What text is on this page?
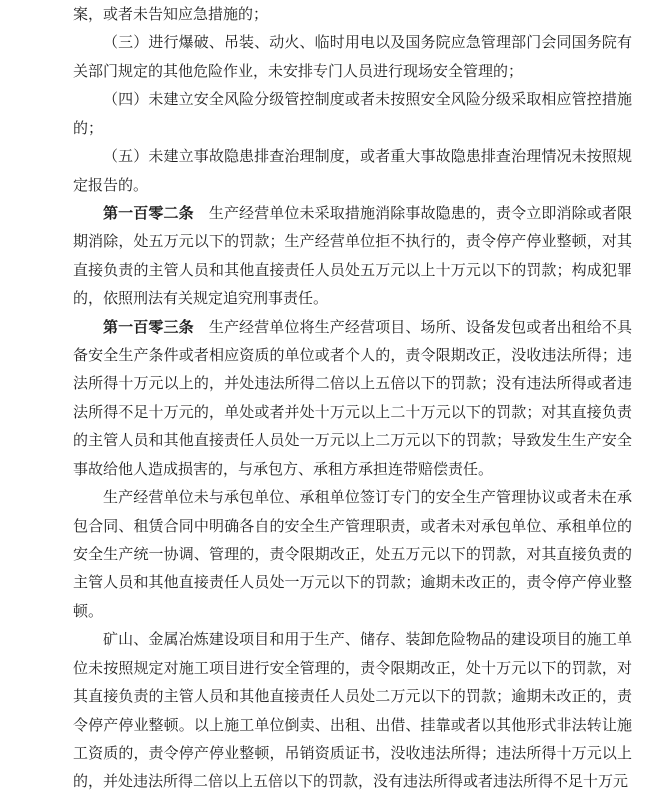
案，或者未告知应急措施的；

（三）进行爆破、吊装、动火、临时用电以及国务院应急管理部门会同国务院有关部门规定的其他危险作业，未安排专门人员进行现场安全管理的；

（四）未建立安全风险分级管控制度或者未按照安全风险分级采取相应管控措施的；

（五）未建立事故隐患排查治理制度，或者重大事故隐患排查治理情况未按照规定报告的。

第一百零二条　 生产经营单位未采取措施消除事故隐患的，责令立即消除或者限期消除，处五万元以下的罚款；生产经营单位拒不执行的，责令停产停业整顿，对其直接负责的主管人员和其他直接责任人员处五万元以上十万元以下的罚款；构成犯罪的，依照刑法有关规定追究刑事责任。

第一百零三条　 生产经营单位将生产经营项目、场所、设备发包或者出租给不具备安全生产条件或者相应资质的单位或者个人的，责令限期改正，没收违法所得；违法所得十万元以上的，并处违法所得二倍以上五倍以下的罚款；没有违法所得或者违法所得不足十万元的，单处或者并处十万元以上二十万元以下的罚款；对其直接负责的主管人员和其他直接责任人员处一万元以上二万元以下的罚款；导致发生生产安全事故给他人造成损害的，与承包方、承租方承担连带赔偿责任。

生产经营单位未与承包单位、承租单位签订专门的安全生产管理协议或者未在承包合同、租赁合同中明确各自的安全生产管理职责，或者未对承包单位、承租单位的安全生产统一协调、管理的，责令限期改正，处五万元以下的罚款，对其直接负责的主管人员和其他直接责任人员处一万元以下的罚款；逾期未改正的，责令停产停业整顿。

矿山、金属冶炼建设项目和用于生产、储存、装卸危险物品的建设项目的施工单位未按照规定对施工项目进行安全管理的，责令限期改正，处十万元以下的罚款，对其直接负责的主管人员和其他直接责任人员处二万元以下的罚款；逾期未改正的，责令停产停业整顿。以上施工单位倒卖、出租、出借、挂靠或者以其他形式非法转让施工资质的，责令停产停业整顿，吊销资质证书，没收违法所得；违法所得十万元以上的，并处违法所得二倍以上五倍以下的罚款，没有违法所得或者违法所得不足十万元
